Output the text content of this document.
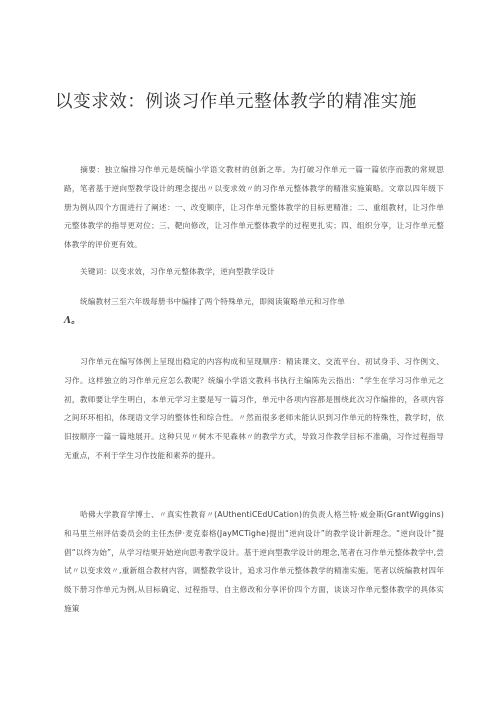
以变求效：例谈习作单元整体教学的精准实施

摘要：独立编排习作单元是统编小学语文教材的创新之举。为打破习作单元一篇一篇依序而教的常规思路，笔者基于逆向型教学设计的理念提出〃以变求效〃的习作单元整体教学的精准实施策略。文章以四年级下册为例从四个方面进行了阐述：一、改变顺序，让习作单元整体教学的目标更精准；二、重组教材，让习作单元整体教学的指导更对位；三、靶向修改，让习作单元整体教学的过程更扎实；四、组织分享，让习作单元整体教学的评价更有效。

关键词：以变求效，习作单元整体教学，逆向型教学设计

统编教材三至六年级每册书中编排了两个特殊单元，即阅读策略单元和习作单
Λ。

习作单元在编写体例上呈现出稳定的内容构成和呈现顺序：精读课文、交流平台、初试身手、习作例文、习作。这样独立的习作单元应怎么教呢？统编小学语文教科书执行主编陈先云指出：“学生在学习习作单元之初，教师要让学生明白，本单元学习主要是写一篇习作，单元中各项内容都是围绕此次习作编排的，各项内容之间环环相扣，体现语文学习的整体性和综合性。〃然而很多老师未能认识到习作单元的特殊性，教学时，依旧按顺序一篇一篇地展开。这种只见〃树木不见森林〃的教学方式，导致习作教学目标不准确，习作过程指导无重点，不利于学生习作技能和素养的提升。

哈佛大学教育学博士、〃真实性教育〃(AUthentiCEdUCation)的负责人格兰特·威金斯(GrantWiggins)和马里兰州评估委员会的主任杰伊·麦克泰格(JayMCTighe)提出“逆向设计”的教学设计新理念。“逆向设计”提倡“以终为始”，从学习结果开始逆向思考教学设计。基于逆向型教学设计的理念,笔者在习作单元整体教学中,尝试〃以变求效〃,重新组合教材内容，调整教学设计，追求习作单元整体教学的精准实施。笔者以统编教材四年级下册习作单元为例,从目标确定、过程指导、自主修改和分享评价四个方面，谈谈习作单元整体教学的具体实施策
